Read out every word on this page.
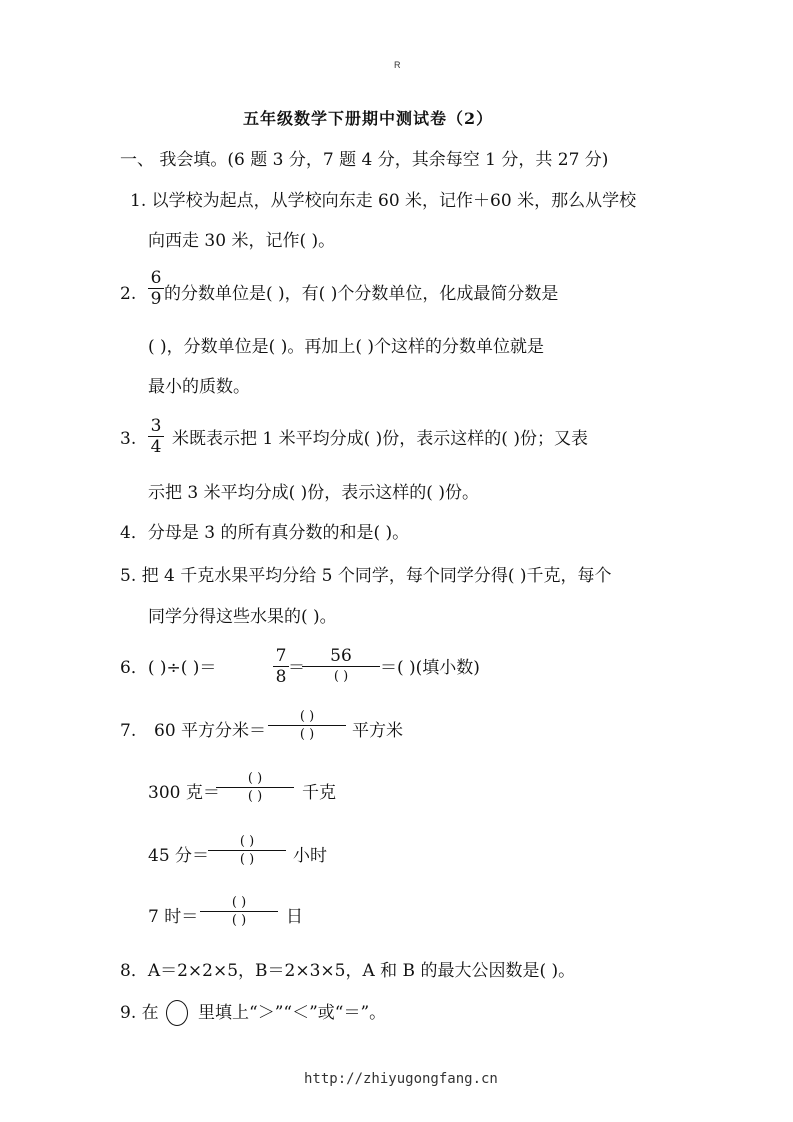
R
五年级数学下册期中测试卷（2）
一、 我会填。(6 题 3 分，7 题 4 分，其余每空 1 分，共 27 分)
1. 以学校为起点，从学校向东走 60 米，记作＋60 米，那么从学校
向西走 30 米，记作( )。
2.
6
9 的分数单位是( )，有( )个分数单位，化成最简分数是
( )，分数单位是( )。再加上( )个这样的分数单位就是
最小的质数。
3.
3
4 米既表示把 1 米平均分成( )份，表示这样的( )份；又表
示把 3 米平均分成( )份，表示这样的( )份。
4．分母是 3 的所有真分数的和是( )。
5. 把 4 千克水果平均分给 5 个同学，每个同学分得( )千克，每个
同学分得这些水果的( )。
6．( )÷( )＝
7
8 ＝
56
( )	＝( )(填小数)
7. 60 平方分米＝
( )
( )	平方米
300 克＝
( )
( )	千克
45 分＝
( )
( )	小时
7 时＝
( )
( )	日
8．A＝2×2×5，B＝2×3×5，A 和 B 的最大公因数是( )。
9. 在 里填上“＞”“＜”或“＝”。
http://zhiyugongfang.cn
